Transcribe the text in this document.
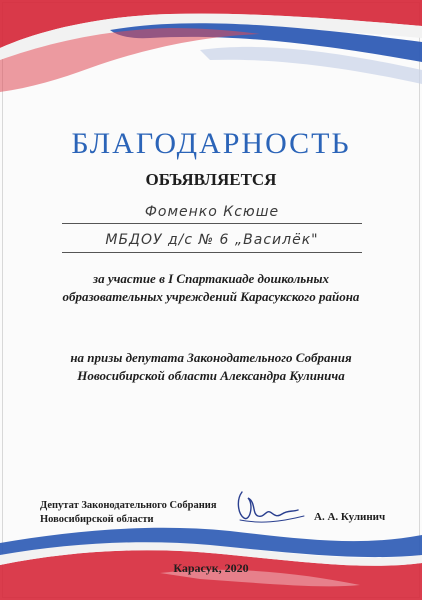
БЛАГОДАРНОСТЬ
ОБЪЯВЛЯЕТСЯ
Фоменко Ксюше
МБДОУ д/с № 6 „Василёк"
за участие в I Спартакиаде дошкольных
образовательных учреждений Карасукского района
на призы депутата Законодательного Собрания
Новосибирской области Александра Кулинича
Депутат Законодательного Собрания
Новосибирской области	А. А. Кулинич
Карасук, 2020
